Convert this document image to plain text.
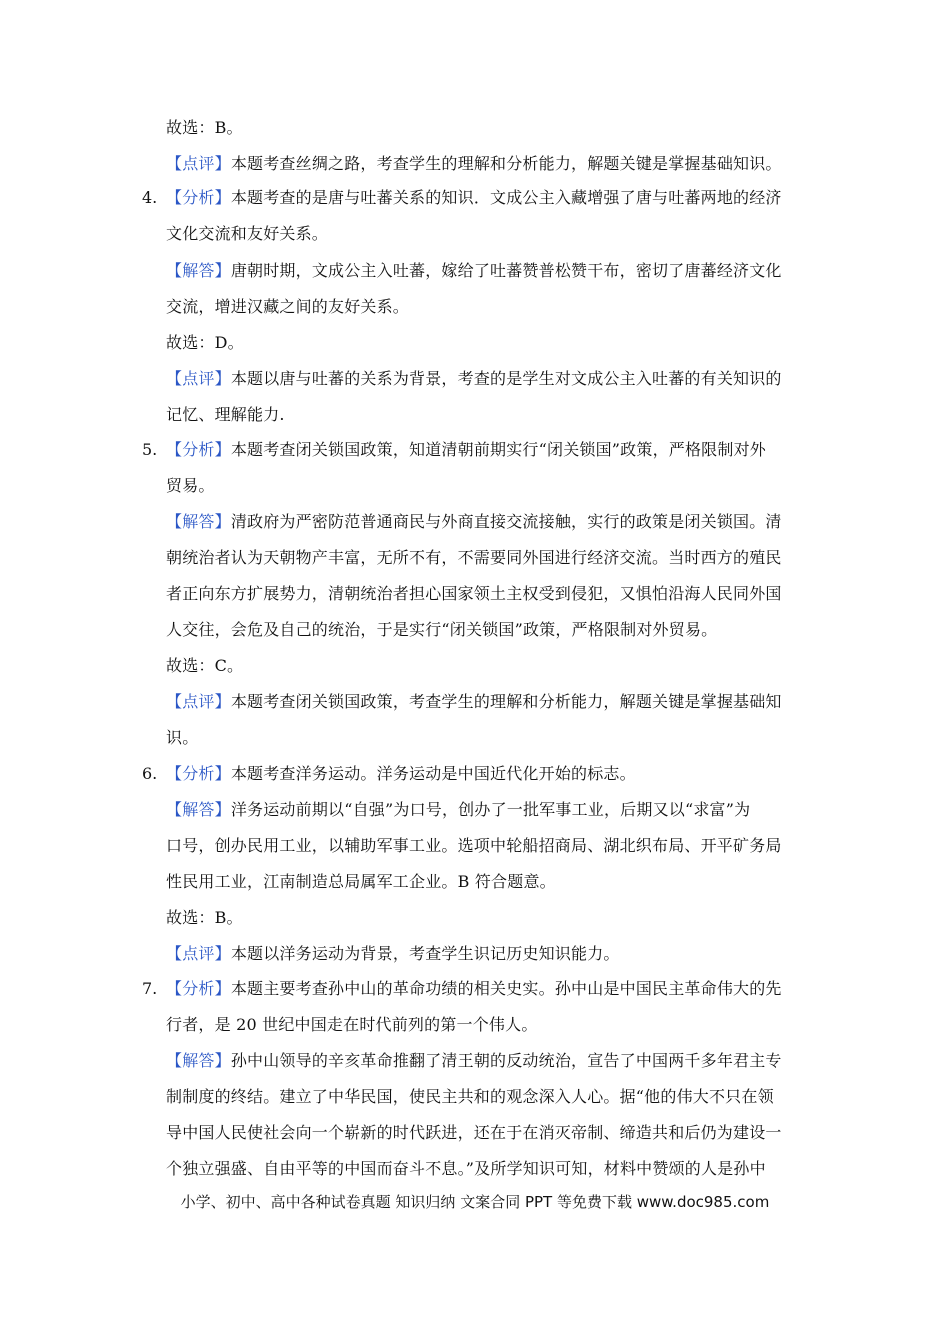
故选：B。
【点评】本题考查丝绸之路，考查学生的理解和分析能力，解题关键是掌握基础知识。
4. 【分析】本题考查的是唐与吐蕃关系的知识．文成公主入藏增强了唐与吐蕃两地的经济
文化交流和友好关系。
【解答】唐朝时期，文成公主入吐蕃，嫁给了吐蕃赞普松赞干布，密切了唐蕃经济文化
交流，增进汉藏之间的友好关系。
故选：D。
【点评】本题以唐与吐蕃的关系为背景，考查的是学生对文成公主入吐蕃的有关知识的
记忆、理解能力.
5. 【分析】本题考查闭关锁国政策，知道清朝前期实行“闭关锁国”政策，严格限制对外
贸易。
【解答】清政府为严密防范普通商民与外商直接交流接触，实行的政策是闭关锁国。清
朝统治者认为天朝物产丰富，无所不有，不需要同外国进行经济交流。当时西方的殖民
者正向东方扩展势力，清朝统治者担心国家领土主权受到侵犯，又惧怕沿海人民同外国
人交往，会危及自己的统治，于是实行“闭关锁国”政策，严格限制对外贸易。
故选：C。
【点评】本题考查闭关锁国政策，考查学生的理解和分析能力，解题关键是掌握基础知
识。
6. 【分析】本题考查洋务运动。洋务运动是中国近代化开始的标志。
【解答】洋务运动前期以“自强”为口号，创办了一批军事工业，后期又以“求富”为
口号，创办民用工业，以辅助军事工业。选项中轮船招商局、湖北织布局、开平矿务局
性民用工业，江南制造总局属军工企业。B 符合题意。
故选：B。
【点评】本题以洋务运动为背景，考查学生识记历史知识能力。
7. 【分析】本题主要考查孙中山的革命功绩的相关史实。孙中山是中国民主革命伟大的先
行者，是 20 世纪中国走在时代前列的第一个伟人。
【解答】孙中山领导的辛亥革命推翻了清王朝的反动统治，宣告了中国两千多年君主专
制制度的终结。建立了中华民国，使民主共和的观念深入人心。据“他的伟大不只在领
导中国人民使社会向一个崭新的时代跃进，还在于在消灭帝制、缔造共和后仍为建设一
个独立强盛、自由平等的中国而奋斗不息。”及所学知识可知，材料中赞颂的人是孙中
小学、初中、高中各种试卷真题 知识归纳 文案合同 PPT 等免费下载 www.doc985.com
